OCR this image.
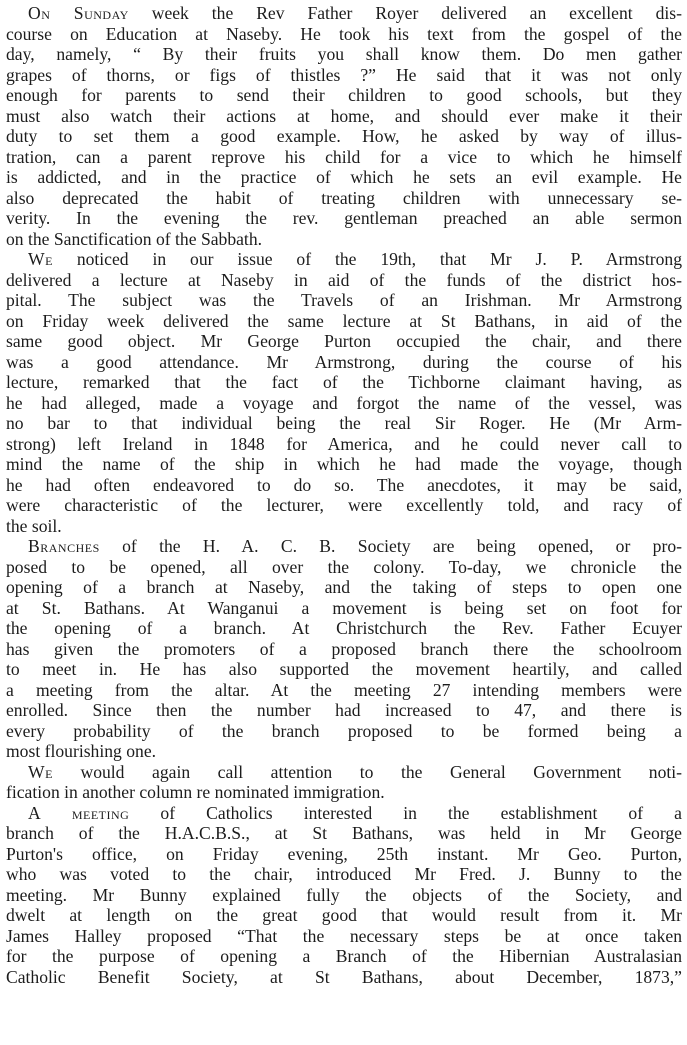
On Sunday week the Rev Father Royer delivered an excellent dis-
course on Education at Naseby. He took his text from the gospel of the
day, namely, “ By their fruits you shall know them. Do men gather
grapes of thorns, or figs of thistles ?” He said that it was not only
enough for parents to send their children to good schools, but they
must also watch their actions at home, and should ever make it their
duty to set them a good example. How, he asked by way of illus-
tration, can a parent reprove his child for a vice to which he himself
is addicted, and in the practice of which he sets an evil example. He
also deprecated the habit of treating children with unnecessary se-
verity. In the evening the rev. gentleman preached an able sermon
on the Sanctification of the Sabbath.
We noticed in our issue of the 19th, that Mr J. P. Armstrong
delivered a lecture at Naseby in aid of the funds of the district hos-
pital. The subject was the Travels of an Irishman. Mr Armstrong
on Friday week delivered the same lecture at St Bathans, in aid of the
same good object. Mr George Purton occupied the chair, and there
was a good attendance. Mr Armstrong, during the course of his
lecture, remarked that the fact of the Tichborne claimant having, as
he had alleged, made a voyage and forgot the name of the vessel, was
no bar to that individual being the real Sir Roger. He (Mr Arm-
strong) left Ireland in 1848 for America, and he could never call to
mind the name of the ship in which he had made the voyage, though
he had often endeavored to do so. The anecdotes, it may be said,
were characteristic of the lecturer, were excellently told, and racy of
the soil.
Branches of the H. A. C. B. Society are being opened, or pro-
posed to be opened, all over the colony. To-day, we chronicle the
opening of a branch at Naseby, and the taking of steps to open one
at St. Bathans. At Wanganui a movement is being set on foot for
the opening of a branch. At Christchurch the Rev. Father Ecuyer
has given the promoters of a proposed branch there the schoolroom
to meet in. He has also supported the movement heartily, and called
a meeting from the altar. At the meeting 27 intending members were
enrolled. Since then the number had increased to 47, and there is
every probability of the branch proposed to be formed being a
most flourishing one.
We would again call attention to the General Government noti-
fication in another column re nominated immigration.
A meeting of Catholics interested in the establishment of a
branch of the H.A.C.B.S., at St Bathans, was held in Mr George
Purton's office, on Friday evening, 25th instant. Mr Geo. Purton,
who was voted to the chair, introduced Mr Fred. J. Bunny to the
meeting. Mr Bunny explained fully the objects of the Society, and
dwelt at length on the great good that would result from it. Mr
James Halley proposed “That the necessary steps be at once taken
for the purpose of opening a Branch of the Hibernian Australasian
Catholic Benefit Society, at St Bathans, about December, 1873,”
